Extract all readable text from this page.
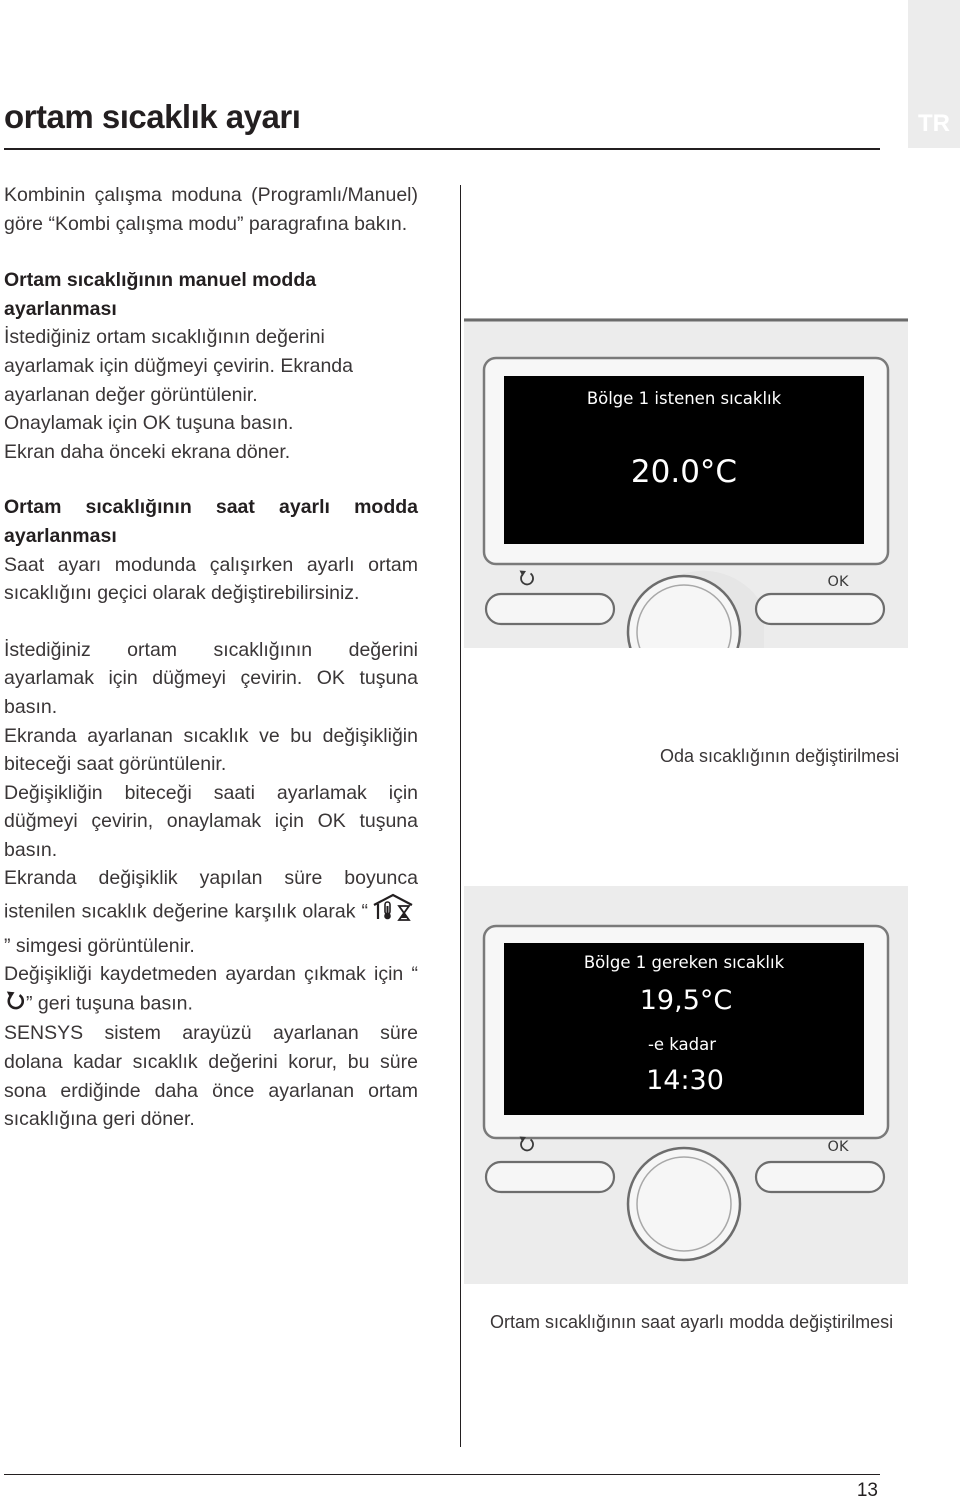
TR
ortam sıcaklık ayarı

Kombinin çalışma moduna (Programlı/Manuel) göre “Kombi çalışma modu” paragrafına bakın.

Ortam sıcaklığının manuel modda ayarlanması

İstediğiniz ortam sıcaklığının değerini ayarlamak için düğmeyi çevirin. Ekranda ayarlanan değer görüntülenir.

Onaylamak için OK tuşuna basın.

Ekran daha önceki ekrana döner.

Ortam sıcaklığının saat ayarlı modda ayarlanması

Saat ayarı modunda çalışırken ayarlı ortam sıcaklığını geçici olarak değiştirebilirsiniz.

İstediğiniz ortam sıcaklığının değerini ayarlamak için düğmeyi çevirin. OK tuşuna basın.

Ekranda ayarlanan sıcaklık ve bu değişikliğin biteceği saat görüntülenir.

Değişikliğin biteceği saati ayarlamak için düğmeyi çevirin, onaylamak için OK tuşuna basın.

Ekranda değişiklik yapılan süre boyunca istenilen sıcaklık değerine karşılık olarak “” simgesi görüntülenir.

Değişikliği kaydetmeden ayardan çıkmak için “” geri tuşuna basın.

SENSYS sistem arayüzü ayarlanan süre dolana kadar sıcaklık değerini korur, bu süre sona erdiğinde daha önce ayarlanan ortam sıcaklığına geri döner.

Bölge 1 istenen sıcaklık
20.0°C
OK
Oda sıcaklığının değiştirilmesi
Bölge 1 gereken sıcaklık
19,5°C
-e kadar
14:30
OK
Ortam sıcaklığının saat ayarlı modda değiştirilmesi
13
